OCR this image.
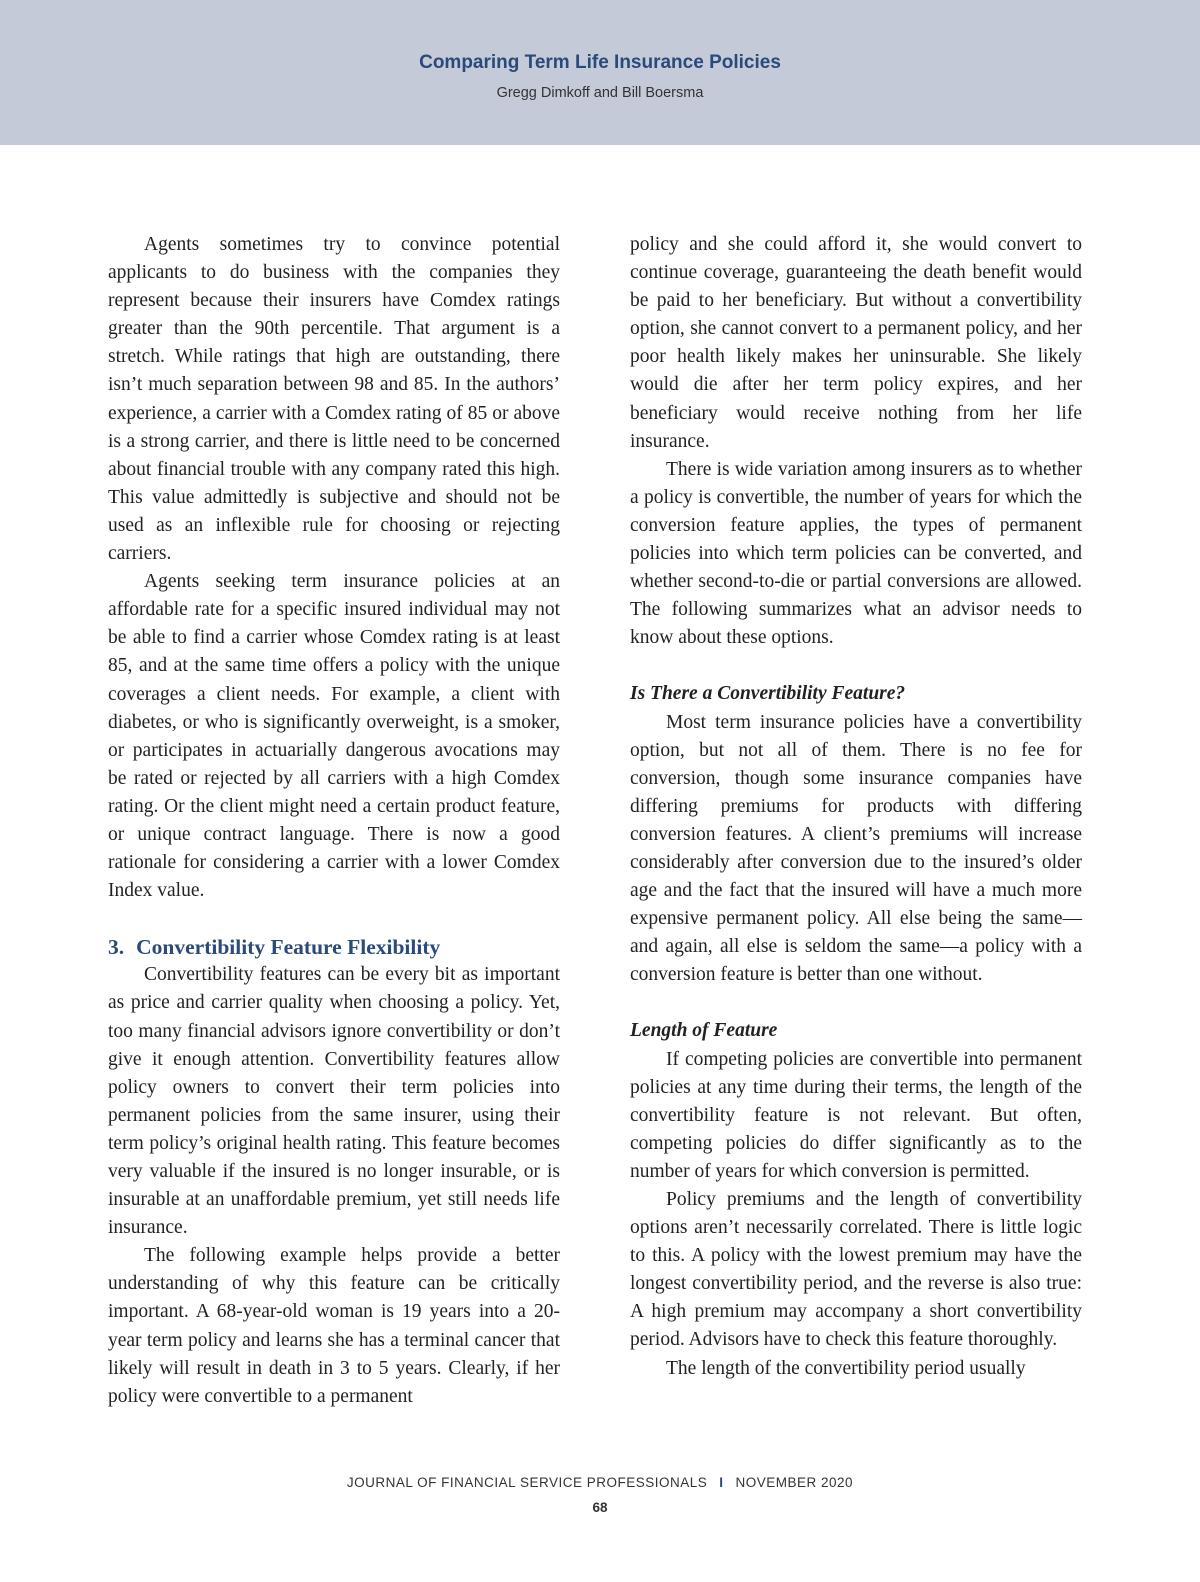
Comparing Term Life Insurance Policies
Gregg Dimkoff and Bill Boersma

Agents sometimes try to convince potential applicants to do business with the companies they represent because their insurers have Comdex ratings greater than the 90th percentile. That argument is a stretch. While ratings that high are outstanding, there isn’t much separation between 98 and 85. In the authors’ experience, a carrier with a Comdex rating of 85 or above is a strong carrier, and there is little need to be concerned about financial trouble with any company rated this high. This value admittedly is subjective and should not be used as an inflexible rule for choosing or rejecting carriers.

Agents seeking term insurance policies at an affordable rate for a specific insured individual may not be able to find a carrier whose Comdex rating is at least 85, and at the same time offers a policy with the unique coverages a client needs. For example, a client with diabetes, or who is significantly overweight, is a smoker, or participates in actuarially dangerous avocations may be rated or rejected by all carriers with a high Comdex rating. Or the client might need a certain product feature, or unique contract language. There is now a good rationale for considering a carrier with a lower Comdex Index value.

3. Convertibility Feature Flexibility

Convertibility features can be every bit as important as price and carrier quality when choosing a policy. Yet, too many financial advisors ignore convertibility or don’t give it enough attention. Convertibility features allow policy owners to convert their term policies into permanent policies from the same insurer, using their term policy’s original health rating. This feature becomes very valuable if the insured is no longer insurable, or is insurable at an unaffordable premium, yet still needs life insurance.

The following example helps provide a better understanding of why this feature can be critically important. A 68-year-old woman is 19 years into a 20-year term policy and learns she has a terminal cancer that likely will result in death in 3 to 5 years. Clearly, if her policy were convertible to a permanent

policy and she could afford it, she would convert to continue coverage, guaranteeing the death benefit would be paid to her beneficiary. But without a convertibility option, she cannot convert to a permanent policy, and her poor health likely makes her uninsurable. She likely would die after her term policy expires, and her beneficiary would receive nothing from her life insurance.

There is wide variation among insurers as to whether a policy is convertible, the number of years for which the conversion feature applies, the types of permanent policies into which term policies can be converted, and whether second-to-die or partial conversions are allowed. The following summarizes what an advisor needs to know about these options.

Is There a Convertibility Feature?

Most term insurance policies have a convertibility option, but not all of them. There is no fee for conversion, though some insurance companies have differing premiums for products with differing conversion features. A client’s premiums will increase considerably after conversion due to the insured’s older age and the fact that the insured will have a much more expensive permanent policy. All else being the same—and again, all else is seldom the same—a policy with a conversion feature is better than one without.

Length of Feature

If competing policies are convertible into permanent policies at any time during their terms, the length of the convertibility feature is not relevant. But often, competing policies do differ significantly as to the number of years for which conversion is permitted.

Policy premiums and the length of convertibility options aren’t necessarily correlated. There is little logic to this. A policy with the lowest premium may have the longest convertibility period, and the reverse is also true: A high premium may accompany a short convertibility period. Advisors have to check this feature thoroughly.

The length of the convertibility period usually

JOURNAL OF FINANCIAL SERVICE PROFESSIONALS I NOVEMBER 2020
68
